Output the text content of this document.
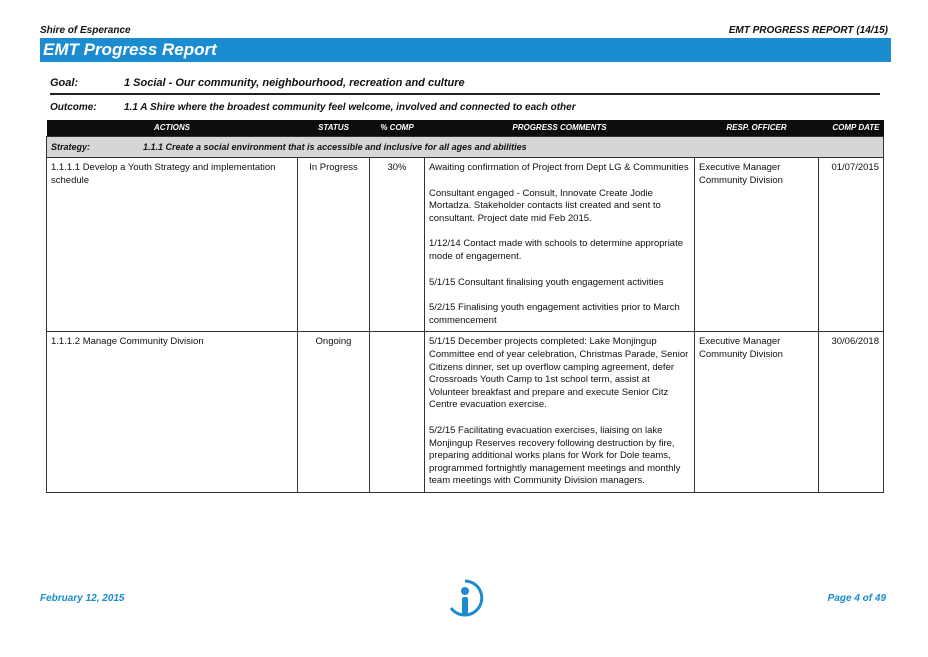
Shire of Esperance	EMT PROGRESS REPORT (14/15)
EMT Progress Report
Goal:	1 Social - Our community, neighbourhood, recreation and culture
Outcome:	1.1 A Shire where the broadest community feel welcome, involved and connected to each other
ACTIONS	STATUS	% COMP	PROGRESS COMMENTS	RESP. OFFICER	COMP DATE
Strategy: 1.1.1 Create a social environment that is accessible and inclusive for all ages and abilities					
1.1.1.1 Develop a Youth Strategy and implementation schedule	In Progress	30%	Awaiting confirmation of Project from Dept LG & Communities

Consultant engaged - Consult, Innovate Create Jodie Mortadza. Stakeholder contacts list created and sent to consultant. Project date mid Feb 2015.

1/12/14 Contact made with schools to determine appropriate mode of engagement.

5/1/15 Consultant finalising youth engagement activities

5/2/15 Finalising youth engagement activities prior to March commencement	Executive Manager Community Division	01/07/2015
1.1.1.2 Manage Community Division	Ongoing		5/1/15 December projects completed: Lake Monjingup Committee end of year celebration, Christmas Parade, Senior Citizens dinner, set up overflow camping agreement, defer Crossroads Youth Camp to 1st school term, assist at Volunteer breakfast and prepare and execute Senior Citz Centre evacuation exercise.

5/2/15 Facilitating evacuation exercises, liaising on lake Monjingup Reserves recovery following destruction by fire, preparing additional works plans for Work for Dole teams, programmed fortnightly management meetings and monthly team meetings with Community Division managers.	Executive Manager Community Division	30/06/2018
February 12, 2015	Page 4 of 49
